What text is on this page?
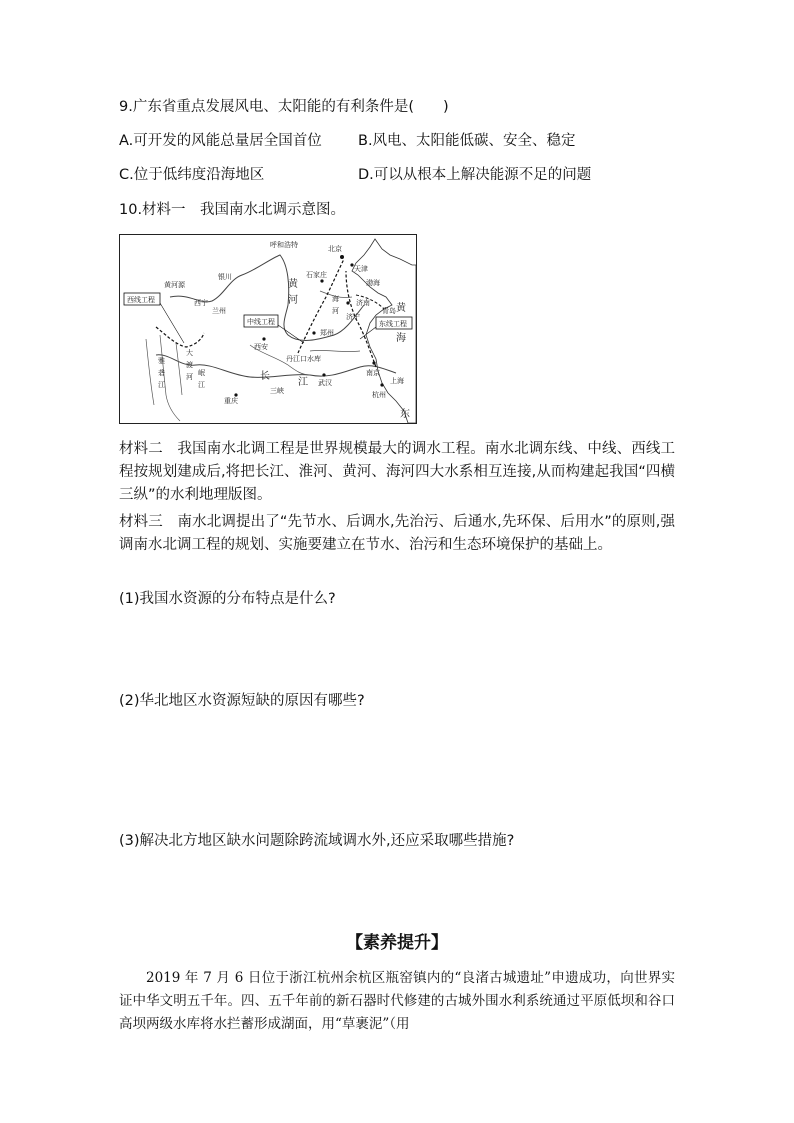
9.广东省重点发展风电、太阳能的有利条件是(　　)
A.可开发的风能总量居全国首位 B.风电、太阳能低碳、安全、稳定
C.位于低纬度沿海地区	D.可以从根本上解决能源不足的问题
10.材料一　我国南水北调示意图。
呼和浩特	北京
天津
石家庄
银川
兰州
西宁	济南
青岛
济宁
郑州
西安
丹江口水库
南京
武汉
重庆
杭州
三峡
上海
黄
河
长
江
渤海
黄
海
东
雅
砻
江
大
渡
河 岷
江
黄河源
海
河
西线工程
中线工程	东线工程
材料二　我国南水北调工程是世界规模最大的调水工程。南水北调东线、中线、西线工程按规划建成后,将把长江、淮河、黄河、海河四大水系相互连接,从而构建起我国“四横三纵”的水利地理版图。
材料三　南水北调提出了“先节水、后调水,先治污、后通水,先环保、后用水”的原则,强调南水北调工程的规划、实施要建立在节水、治污和生态环境保护的基础上。
(1)我国水资源的分布特点是什么?
(2)华北地区水资源短缺的原因有哪些?
(3)解决北方地区缺水问题除跨流域调水外,还应采取哪些措施?
【素养提升】
2019 年 7 月 6 日位于浙江杭州余杭区瓶窑镇内的“良渚古城遗址”申遗成功，向世界实证中华文明五千年。四、五千年前的新石器时代修建的古城外围水利系统通过平原低坝和谷口高坝两级水库将水拦蓄形成湖面，用“草裹泥”（用
